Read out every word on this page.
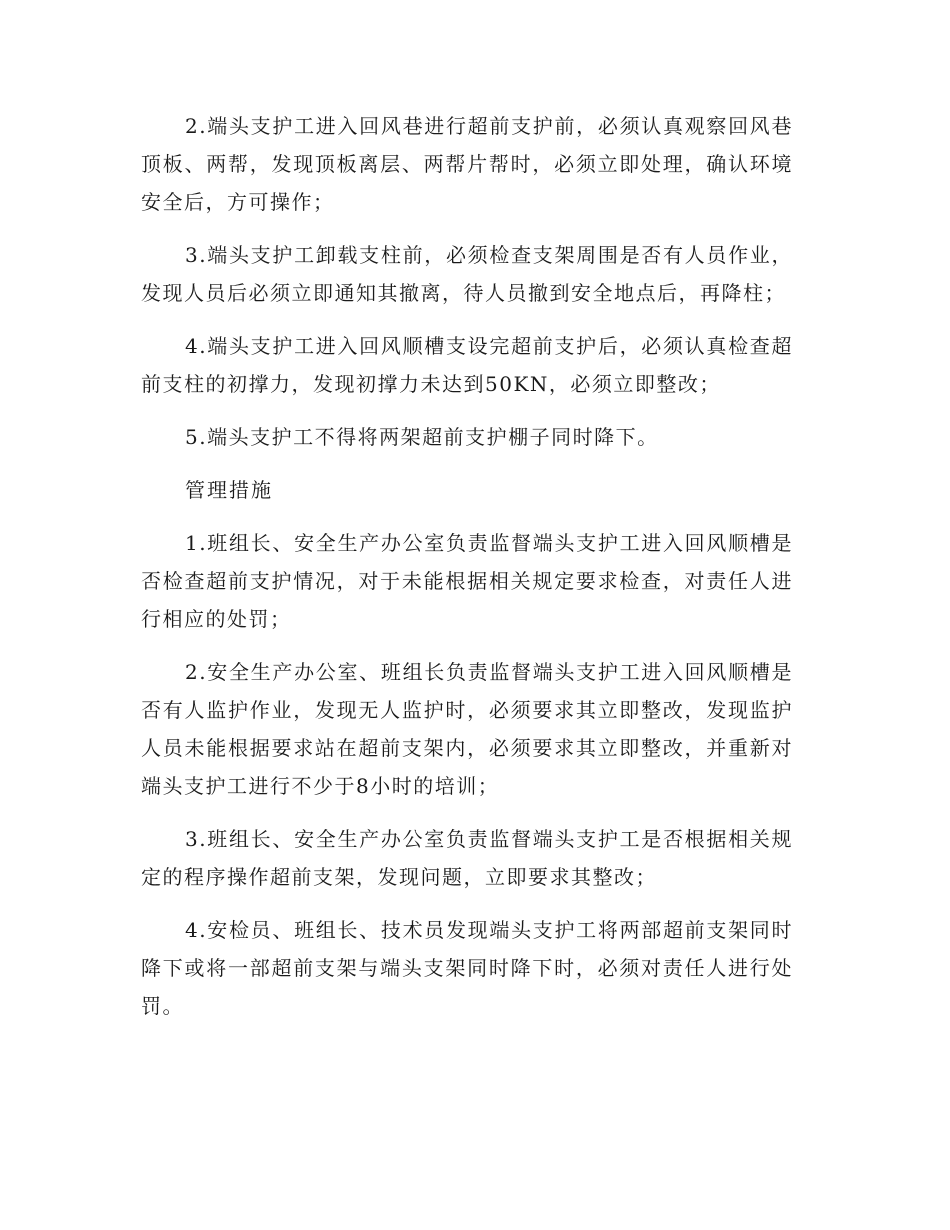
2.端头支护工进入回风巷进行超前支护前，必须认真观察回风巷顶板、两帮，发现顶板离层、两帮片帮时，必须立即处理，确认环境安全后，方可操作；

3.端头支护工卸载支柱前，必须检查支架周围是否有人员作业，发现人员后必须立即通知其撤离，待人员撤到安全地点后，再降柱；

4.端头支护工进入回风顺槽支设完超前支护后，必须认真检查超前支柱的初撑力，发现初撑力未达到50KN，必须立即整改；

5.端头支护工不得将两架超前支护棚子同时降下。

管理措施

1.班组长、安全生产办公室负责监督端头支护工进入回风顺槽是否检查超前支护情况，对于未能根据相关规定要求检查，对责任人进行相应的处罚；

2.安全生产办公室、班组长负责监督端头支护工进入回风顺槽是否有人监护作业，发现无人监护时，必须要求其立即整改，发现监护人员未能根据要求站在超前支架内，必须要求其立即整改，并重新对端头支护工进行不少于8小时的培训；

3.班组长、安全生产办公室负责监督端头支护工是否根据相关规定的程序操作超前支架，发现问题，立即要求其整改；

4.安检员、班组长、技术员发现端头支护工将两部超前支架同时降下或将一部超前支架与端头支架同时降下时，必须对责任人进行处罚。
